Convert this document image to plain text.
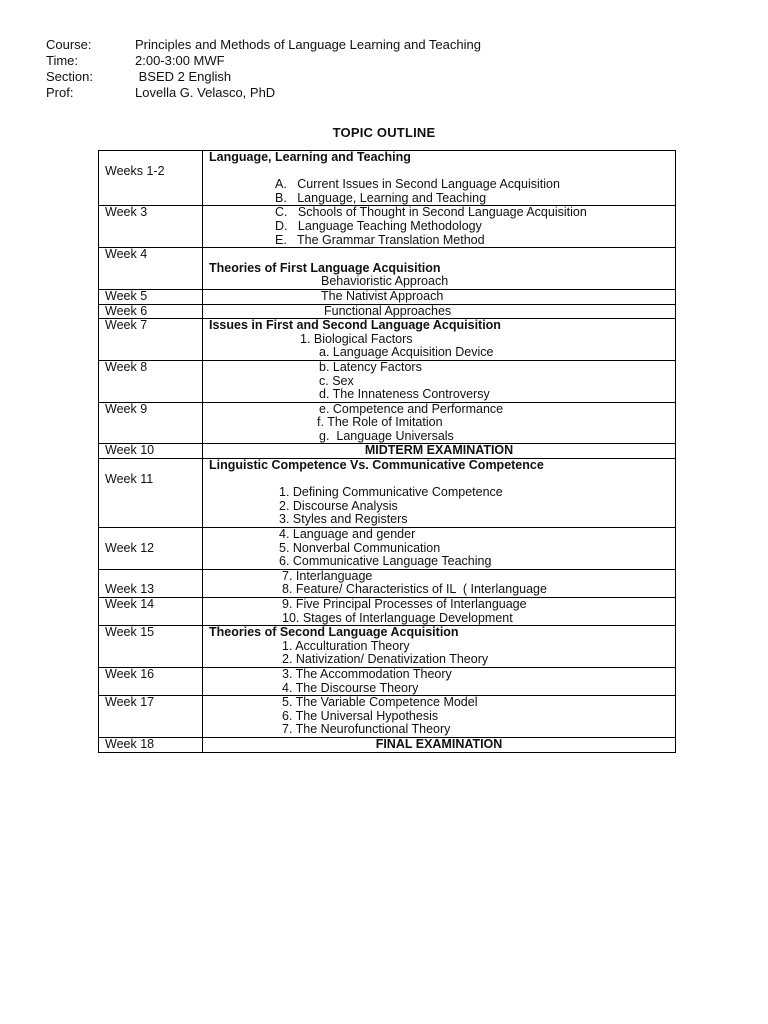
Course:	Principles and Methods of Language Learning and Teaching
Time:	2:00-3:00 MWF
Section:	BSED 2 English
Prof:	Lovella G. Velasco, PhD
TOPIC OUTLINE

Weeks 1-2	Language, Learning and Teaching
A.   Current Issues in Second Language Acquisition
B.   Language, Learning and Teaching

Week 3	C.   Schools of Thought in Second Language Acquisition
D.   Language Teaching Methodology
E.   The Grammar Translation Method

Week 4	Theories of First Language Acquisition
Behavioristic Approach

Week 5	The Nativist Approach

Week 6	Functional Approaches

Week 7	Issues in First and Second Language Acquisition
1. Biological Factors
a. Language Acquisition Device

Week 8	b. Latency Factors
c. Sex
d. The Innateness Controversy

Week 9	e. Competence and Performance
f. The Role of Imitation
g.  Language Universals

Week 10	MIDTERM EXAMINATION

Week 11	Linguistic Competence Vs. Communicative Competence
1. Defining Communicative Competence
2. Discourse Analysis
3. Styles and Registers

Week 12	4. Language and gender
5. Nonverbal Communication
6. Communicative Language Teaching

Week 13	7. Interlanguage
8. Feature/ Characteristics of IL  ( Interlanguage

Week 14	9. Five Principal Processes of Interlanguage
10. Stages of Interlanguage Development

Week 15	Theories of Second Language Acquisition
1. Acculturation Theory
2. Nativization/ Denativization Theory

Week 16	3. The Accommodation Theory
4. The Discourse Theory

Week 17	5. The Variable Competence Model
6. The Universal Hypothesis
7. The Neurofunctional Theory

Week 18	FINAL EXAMINATION
